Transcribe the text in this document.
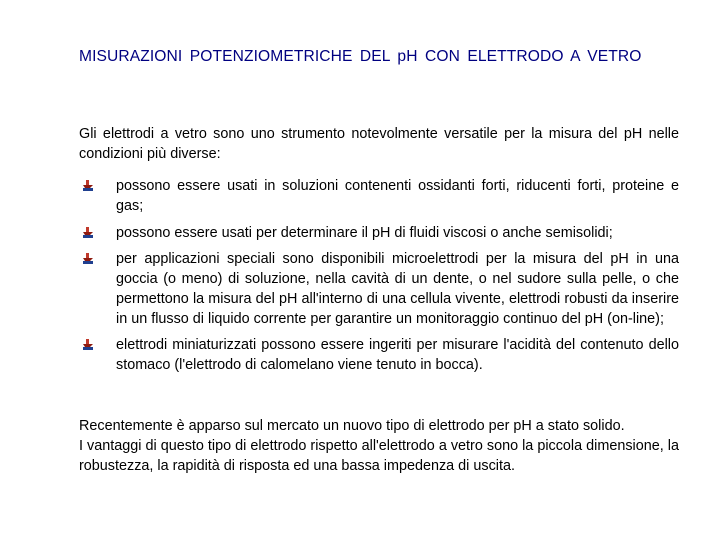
MISURAZIONI POTENZIOMETRICHE DEL pH CON ELETTRODO A VETRO
Gli elettrodi a vetro sono uno strumento notevolmente versatile per la misura del pH nelle condizioni più diverse:
possono essere usati in soluzioni contenenti ossidanti forti, riducenti forti, proteine e gas;
possono essere usati per determinare il pH di fluidi viscosi o anche semisolidi;
per applicazioni speciali sono disponibili microelettrodi per la misura del pH in una goccia (o meno) di soluzione, nella cavità di un dente, o nel sudore sulla pelle, o che permettono la misura del pH all'interno di una cellula vivente, elettrodi robusti da inserire in un flusso di liquido corrente per garantire un monitoraggio continuo del pH (on-line);
elettrodi miniaturizzati possono essere ingeriti per misurare l'acidità del contenuto dello stomaco (l'elettrodo di calomelano viene tenuto in bocca).
Recentemente è apparso sul mercato un nuovo tipo di elettrodo per pH a stato solido.
I vantaggi di questo tipo di elettrodo rispetto all'elettrodo a vetro sono la piccola dimensione, la robustezza, la rapidità di risposta ed una bassa impedenza di uscita.
